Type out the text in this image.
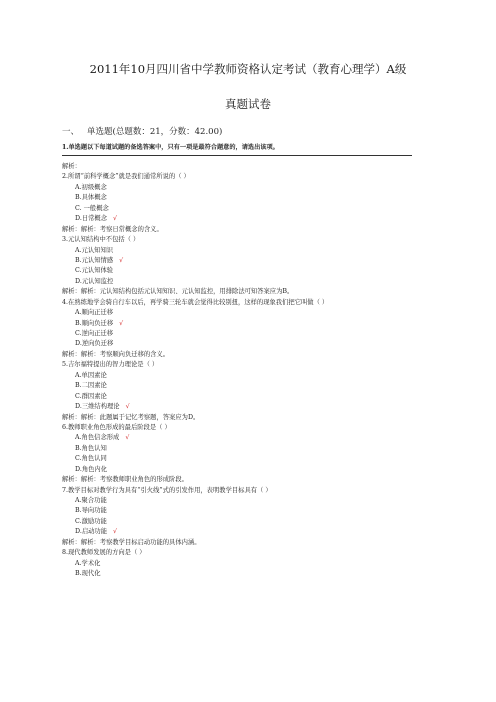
2011年10月四川省中学教师资格认定考试（教育心理学）A级
真题试卷
一、 单选题(总题数：21，分数：42.00)
1.单选题以下每道试题的备选答案中，只有一项是最符合题意的，请选出该项。
解析：
2.所谓“前科学概念”就是我们通常所说的（ ）
A.初级概念
B.具体概念
C. 一般概念
D.日常概念 √
解析：解析：考察日常概念的含义。
3.元认知结构中不包括（ ）
A.元认知知识
B.元认知情感 √
C.元认知体验
D.元认知监控
解析：解析：元认知结构包括元认知知识、元认知监控，用排除法可知答案应为B。
4.在熟练地学会骑自行车以后，再学骑三轮车就会觉得比较别扭，这样的现象我们把它叫做（ ）
A.顺向正迁移
B.顺向负迁移 √
C.逆向正迁移
D.逆向负迁移
解析：解析：考察顺向负迁移的含义。
5.吉尔福特提出的智力理论是（ ）
A.单因素论
B.二因素论
C.群因素论
D.三维结构理论 √
解析：解析：此题属于记忆考察题，答案应为D。
6.教师职业角色形成的最后阶段是（ ）
A.角色信念形成 √
B.角色认知
C.角色认同
D.角色内化
解析：解析：考察教师职业角色的形成阶段。
7.教学目标对教学行为具有“引火线”式的引发作用，表明教学目标具有（ ）
A.聚合功能
B.导向功能
C.激励功能
D.启动功能 √
解析：解析：考察教学目标启动功能的具体内涵。
8.现代教师发展的方向是（ ）
A.学术化
B.现代化
